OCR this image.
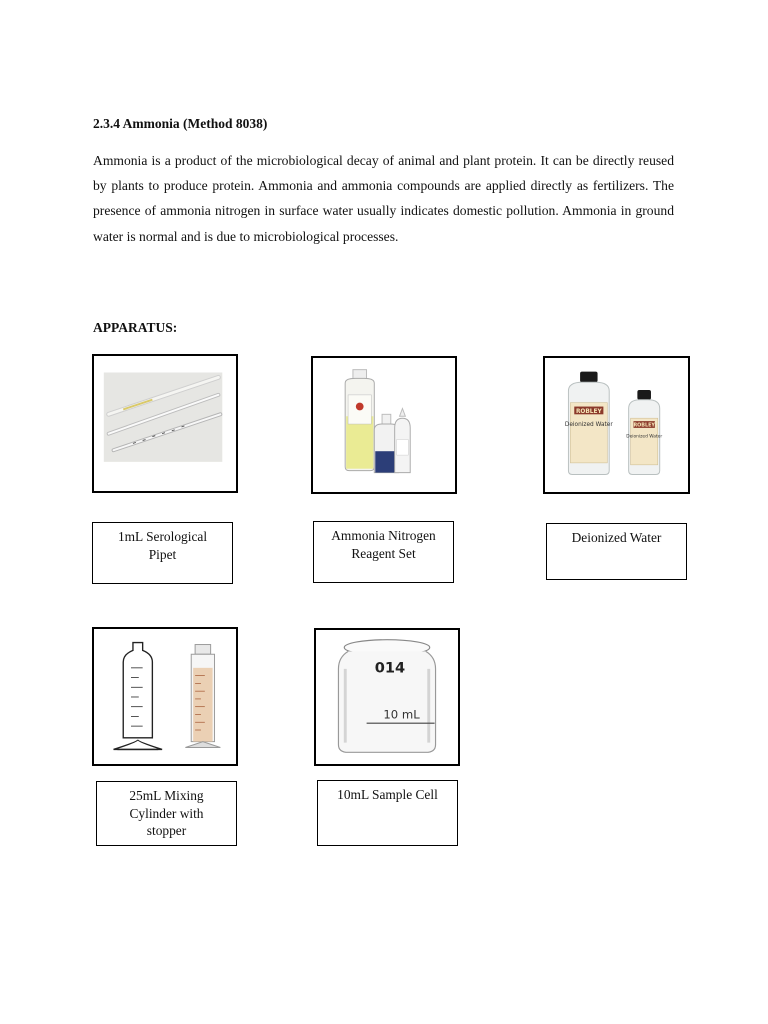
2.3.4 Ammonia (Method 8038)
Ammonia is a product of the microbiological decay of animal and plant protein. It can be directly reused by plants to produce protein. Ammonia and ammonia compounds are applied directly as fertilizers. The presence of ammonia nitrogen in surface water usually indicates domestic pollution. Ammonia in ground water is normal and is due to microbiological processes.
APPARATUS:
ROBLEY
Deionized Water	ROBLEY
Deionized Water
1mL Serological Pipet
Ammonia Nitrogen Reagent Set
Deionized Water
014
10 mL
25mL Mixing Cylinder with stopper
10mL Sample Cell
